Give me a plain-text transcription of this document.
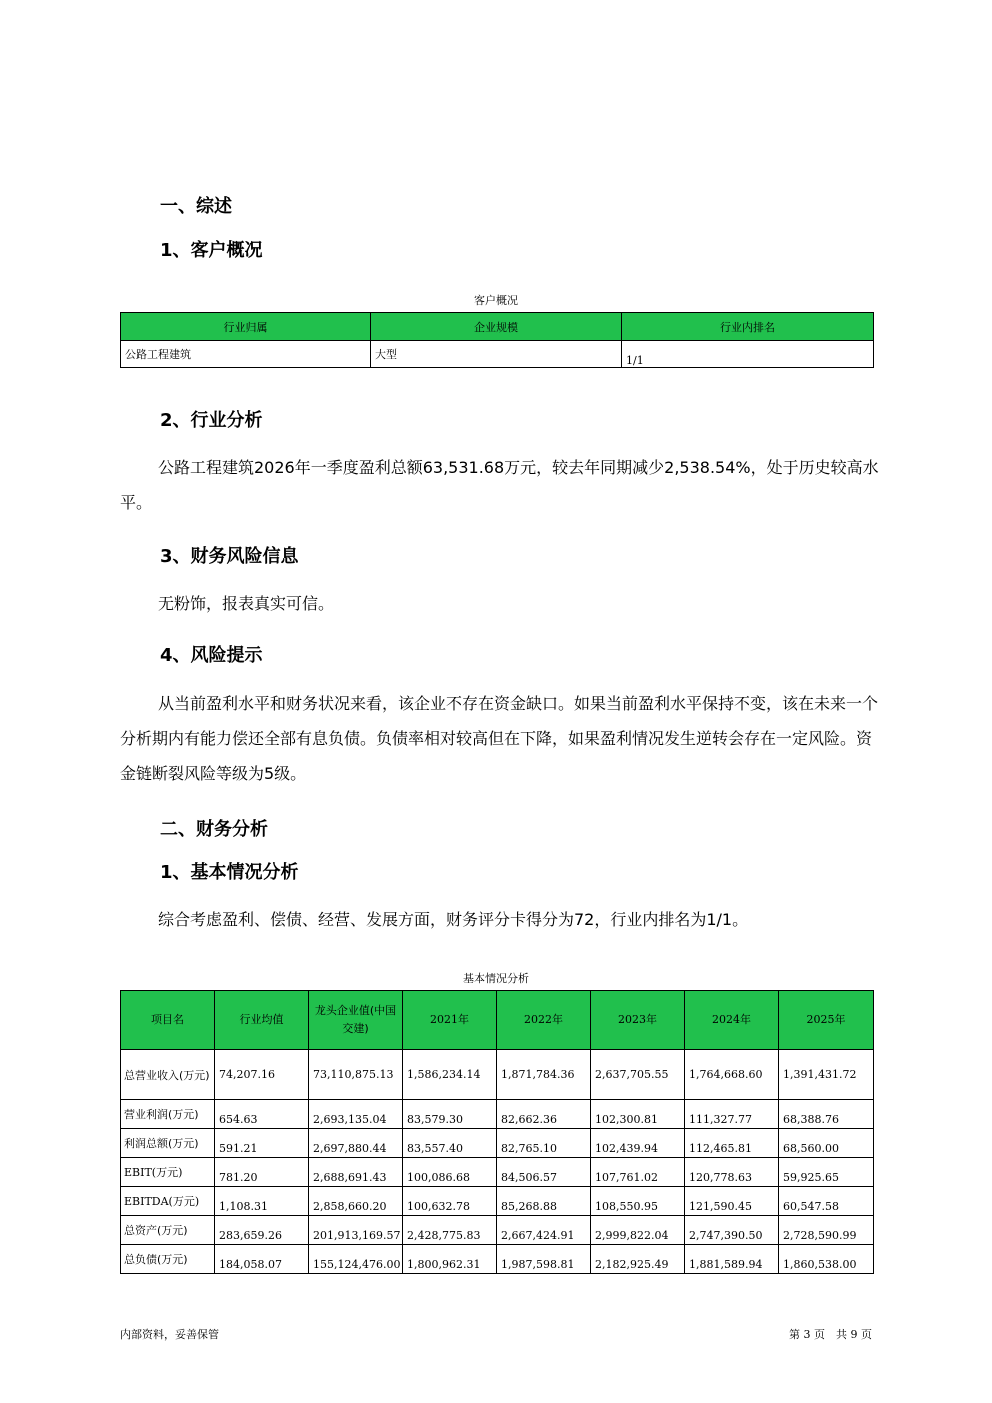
一、综述
1、客户概况
客户概况
行业归属	企业规模	行业内排名
公路工程建筑	大型	1/1
2、行业分析
公路工程建筑2026年一季度盈利总额63,531.68万元，较去年同期减少2,538.54%，处于历史较高水平。
3、财务风险信息
无粉饰，报表真实可信。
4、风险提示
从当前盈利水平和财务状况来看，该企业不存在资金缺口。如果当前盈利水平保持不变，该在未来一个分析期内有能力偿还全部有息负债。负债率相对较高但在下降，如果盈利情况发生逆转会存在一定风险。资金链断裂风险等级为5级。
二、财务分析
1、基本情况分析
综合考虑盈利、偿债、经营、发展方面，财务评分卡得分为72，行业内排名为1/1。
基本情况分析
项目名	行业均值	龙头企业值(中国交建)	2021年	2022年	2023年	2024年	2025年
总营业收入(万元)	74,207.16	73,110,875.13	1,586,234.14	1,871,784.36	2,637,705.55	1,764,668.60	1,391,431.72
营业利润(万元)	654.63	2,693,135.04	83,579.30	82,662.36	102,300.81	111,327.77	68,388.76
利润总额(万元)	591.21	2,697,880.44	83,557.40	82,765.10	102,439.94	112,465.81	68,560.00
EBIT(万元)	781.20	2,688,691.43	100,086.68	84,506.57	107,761.02	120,778.63	59,925.65
EBITDA(万元)	1,108.31	2,858,660.20	100,632.78	85,268.88	108,550.95	121,590.45	60,547.58
总资产(万元)	283,659.26	201,913,169.57	2,428,775.83	2,667,424.91	2,999,822.04	2,747,390.50	2,728,590.99
总负债(万元)	184,058.07	155,124,476.00	1,800,962.31	1,987,598.81	2,182,925.49	1,881,589.94	1,860,538.00
内部资料，妥善保管	第 3 页　共 9 页
